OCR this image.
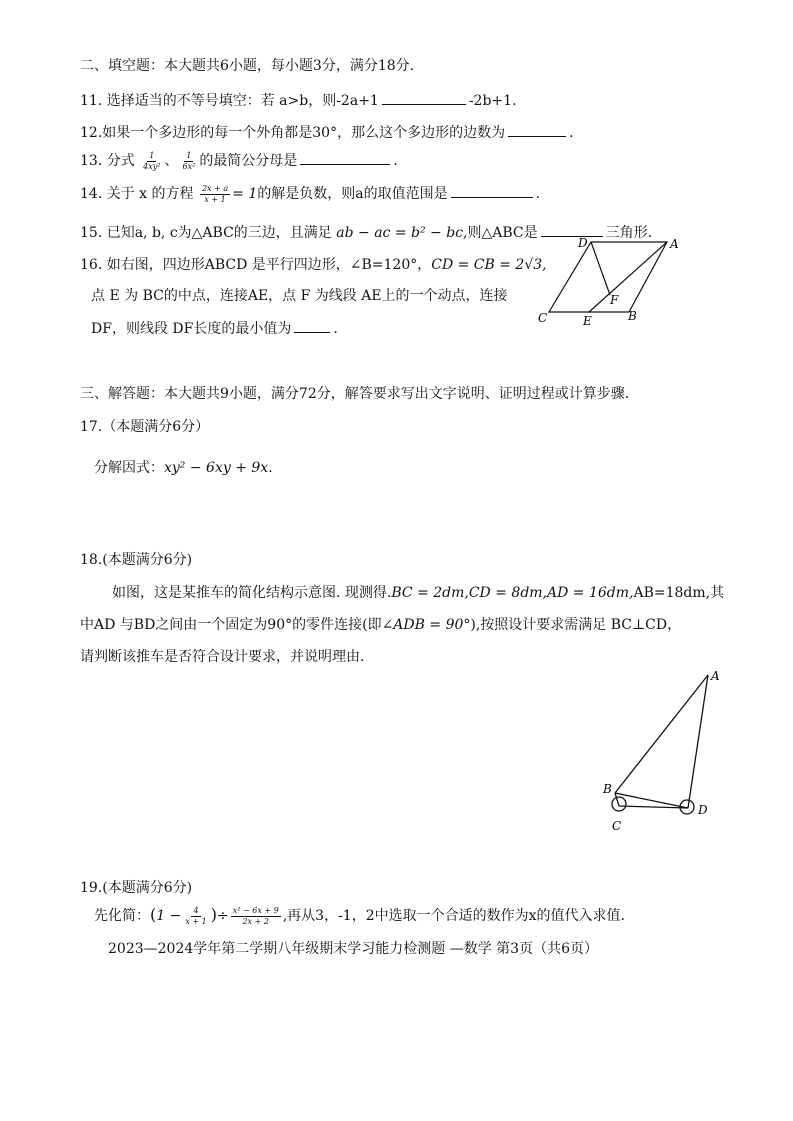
二、填空题：本大题共6小题，每小题3分，满分18分.
11. 选择适当的不等号填空：若 a>b，则-2a+1	-2b+1.
12.如果一个多边形的每一个外角都是30°，那么这个多边形的边数为	.
13. 分式 $\frac{1}{\text{4xy²}}$ 、 $\frac{1}{\text{6x²}}$ 的最简公分母是	.
14. 关于 x 的方程 $\frac{2x + a}{x + 1} = 1$的解是负数，则a的取值范围是	.
15. 已知a, b, c为△ABC的三边，且满足 ab − ac = b² − bc,则△ABC是	三角形.
16. 如右图，四边形ABCD 是平行四边形，∠B=120°，CD = CB = 2√3,
点 E 为 BC的中点，连接AE，点 F 为线段 AE上的一个动点，连接
DF，则线段 DF长度的最小值为	.
D	A
C	E	B
F
三、解答题：本大题共9小题，满分72分，解答要求写出文字说明、证明过程或计算步骤.
17.（本题满分6分）
分解因式：xy² − 6xy + 9x.
18.(本题满分6分)
如图，这是某推车的简化结构示意图. 现测得.BC = 2dm,CD = 8dm,AD = 16dm,AB=18dm,其
中AD 与BD之间由一个固定为90°的零件连接(即∠ADB = 90°),按照设计要求需满足 BC⊥CD，
请判断该推车是否符合设计要求，并说明理由.
A
B
C
D
19.(本题满分6分)
先化简：($1 - \frac{4}{x + 1}$ )÷ $\frac{\text{x² − 6x + 9}}{2x + 2}$ ,再从3，-1，2中选取一个合适的数作为x的值代入求值.
2023—2024学年第二学期八年级期末学习能力检测题 —数学 第3页（共6页）
